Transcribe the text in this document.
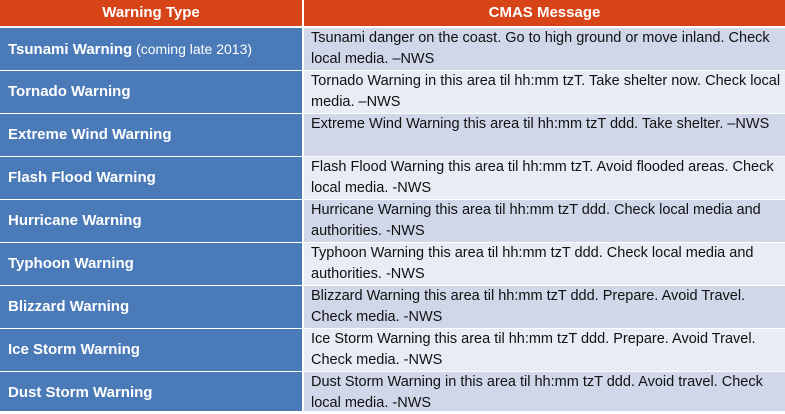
Warning Type	CMAS Message
Tsunami Warning (coming late 2013)
Tsunami danger on the coast. Go to high ground or move inland. Check local media. –NWS
Tornado Warning
Tornado Warning in this area til hh:mm tzT. Take shelter now. Check local media. –NWS
Extreme Wind Warning
Extreme Wind Warning this area til hh:mm tzT ddd. Take shelter. –NWS
Flash Flood Warning
Flash Flood Warning this area til hh:mm tzT. Avoid flooded areas. Check local media. -NWS
Hurricane Warning
Hurricane Warning this area til hh:mm tzT ddd. Check local media and authorities. -NWS
Typhoon Warning
Typhoon Warning this area til hh:mm tzT ddd. Check local media and authorities. -NWS
Blizzard Warning
Blizzard Warning this area til hh:mm tzT ddd. Prepare. Avoid Travel. Check media. -NWS
Ice Storm Warning
Ice Storm Warning this area til hh:mm tzT ddd. Prepare. Avoid Travel. Check media. -NWS
Dust Storm Warning
Dust Storm Warning in this area til hh:mm tzT ddd. Avoid travel. Check local media. -NWS
